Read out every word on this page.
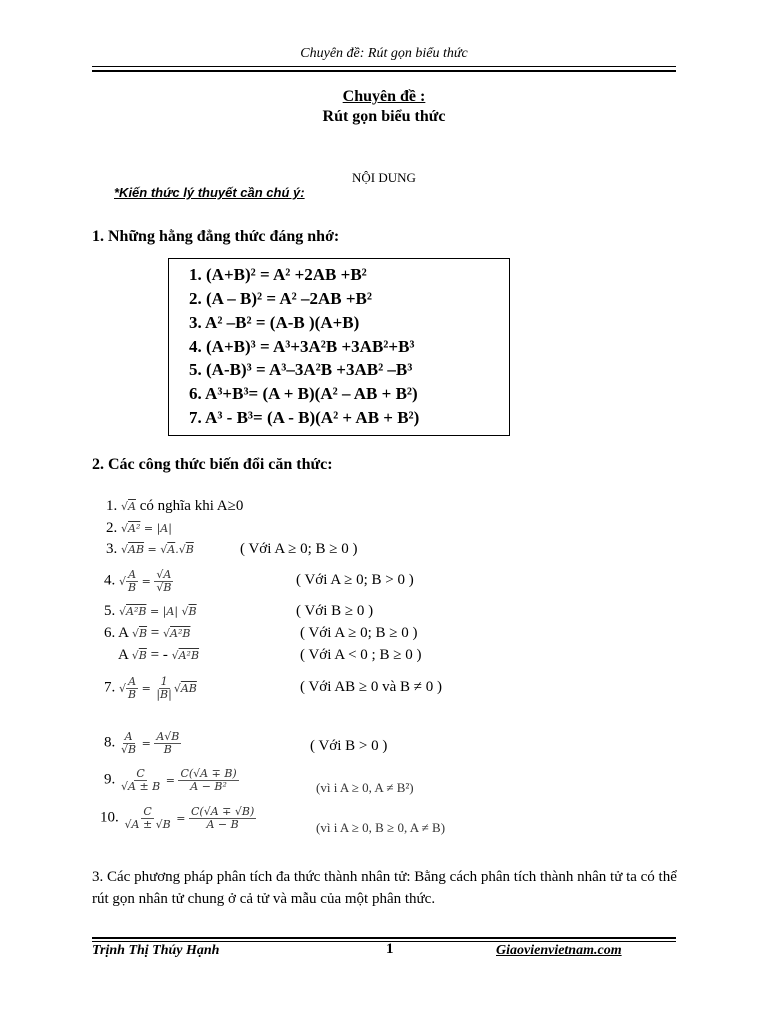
Chuyên đề: Rút gọn biểu thức
Chuyên đề :
Rút gọn biểu thức
NỘI DUNG
*Kiến thức lý thuyết cần chú ý:
1. Những hằng đẳng thức đáng nhớ:
1. (A+B)² = A² +2AB +B²
2. (A – B)² = A² –2AB +B²
3. A² –B² = (A-B )(A+B)
4. (A+B)³ = A³+3A²B +3AB²+B³
5. (A-B)³ = A³–3A²B +3AB² –B³
6. A³+B³= (A + B)(A² – AB + B²)
7. A³ - B³= (A - B)(A² + AB + B²)
2. Các công thức biến đổi căn thức:
1. √A có nghĩa khi A≥0
2. √A² = |A|
3. √AB = √A.√B	( Với A ≥ 0; B ≥ 0 )
4. √ $\frac{A}{B} = \frac{√A}{√B}$	( Với A ≥ 0; B > 0 )
5. √A²B = |A| √B	( Với B ≥ 0 )
6. A √B = √A²B	( Với A ≥ 0; B ≥ 0 )
A √B = - √A²B	( Với A < 0 ; B ≥ 0 )
7. √ $\frac{A}{B} = \frac{1}{|B|} √AB$	( Với AB ≥ 0 và B ≠ 0 )
8. $\frac{A}{√B} = \frac{A√B}{B}$	( Với B > 0 )
9. $\frac{C}{√A \pm B} = \frac{C(√A \mp B)}{\text{A − B²}}$	(vì i A ≥ 0, A ≠ B²)
10. $\frac{C}{√A \pm √B} = \frac{C(√A \mp √B)}{A - B}$	(vì i A ≥ 0, B ≥ 0, A ≠ B)
3. Các phương pháp phân tích đa thức thành nhân tử: Bằng cách phân tích thành nhân tử ta có thể rút gọn nhân tử chung ở cả tử và mẫu của một phân thức.
Trịnh Thị Thúy Hạnh	1	Giaovienvietnam.com
